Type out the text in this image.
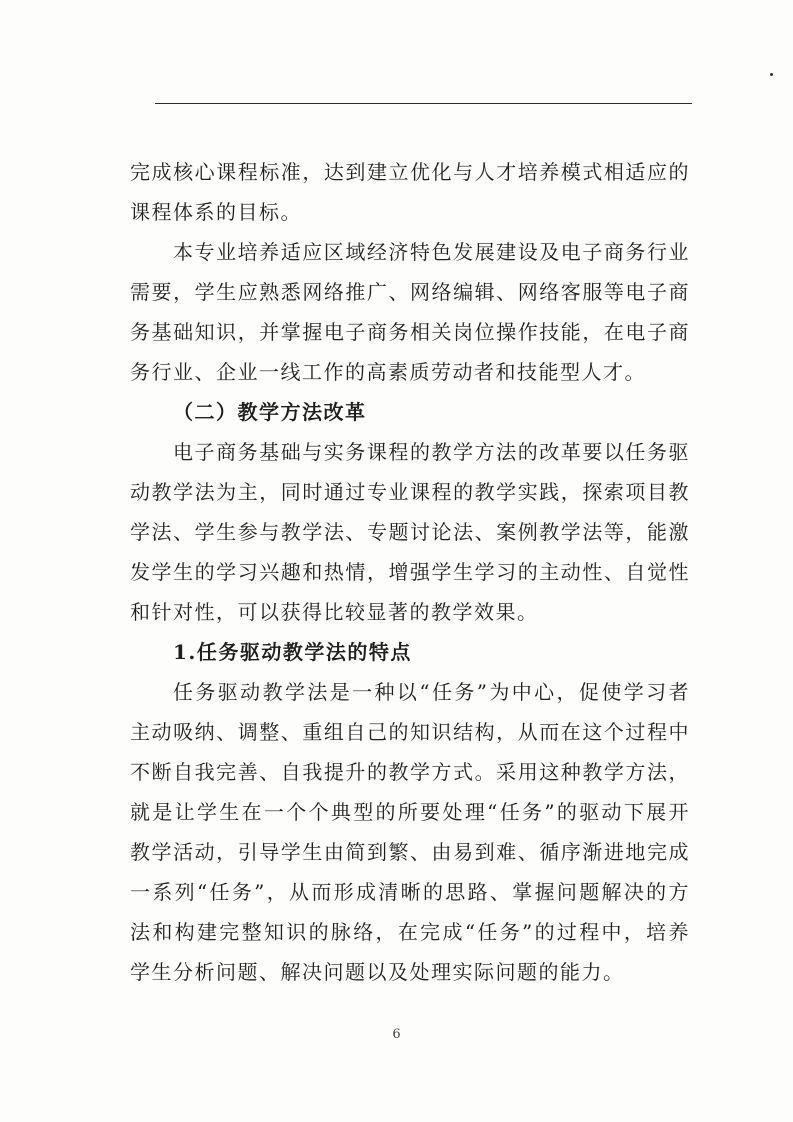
完成核心课程标准，达到建立优化与人才培养模式相适应的课程体系的目标。

本专业培养适应区域经济特色发展建设及电子商务行业需要，学生应熟悉网络推广、网络编辑、网络客服等电子商务基础知识，并掌握电子商务相关岗位操作技能，在电子商务行业、企业一线工作的高素质劳动者和技能型人才。

（二）教学方法改革

电子商务基础与实务课程的教学方法的改革要以任务驱动教学法为主，同时通过专业课程的教学实践，探索项目教学法、学生参与教学法、专题讨论法、案例教学法等，能激发学生的学习兴趣和热情，增强学生学习的主动性、自觉性和针对性，可以获得比较显著的教学效果。

1.任务驱动教学法的特点

任务驱动教学法是一种以“任务”为中心，促使学习者主动吸纳、调整、重组自己的知识结构，从而在这个过程中不断自我完善、自我提升的教学方式。采用这种教学方法，就是让学生在一个个典型的所要处理“任务”的驱动下展开教学活动，引导学生由简到繁、由易到难、循序渐进地完成一系列“任务”，从而形成清晰的思路、掌握问题解决的方法和构建完整知识的脉络，在完成“任务”的过程中，培养学生分析问题、解决问题以及处理实际问题的能力。

6
